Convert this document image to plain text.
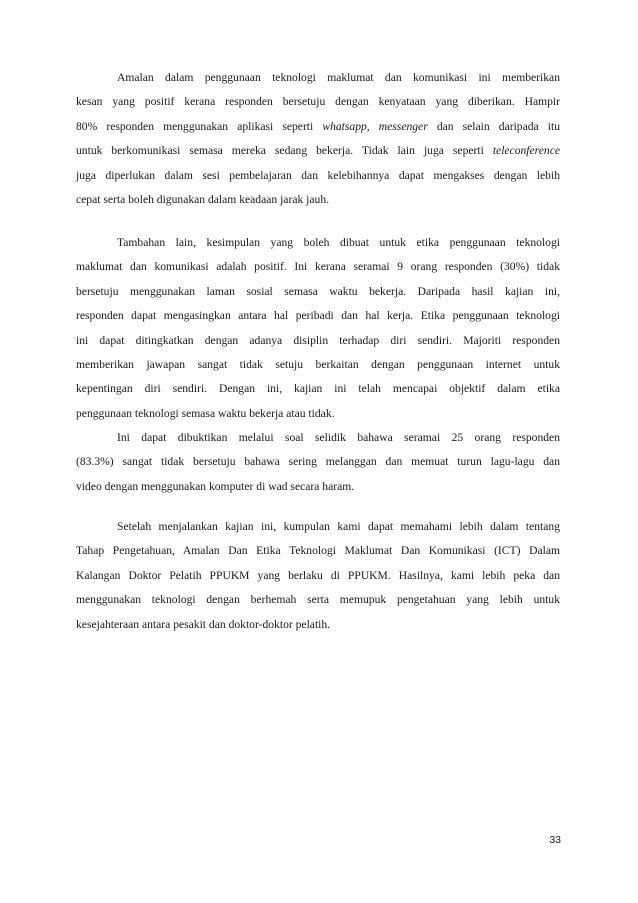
Amalan dalam penggunaan teknologi maklumat dan komunikasi ini memberikan
kesan yang positif kerana responden bersetuju dengan kenyataan yang diberikan. Hampir
80% responden menggunakan aplikasi seperti whatsapp, messenger dan selain daripada itu
untuk berkomunikasi semasa mereka sedang bekerja. Tidak lain juga seperti teleconference
juga diperlukan dalam sesi pembelajaran dan kelebihannya dapat mengakses dengan lebih
cepat serta boleh digunakan dalam keadaan jarak jauh.
Tambahan lain, kesimpulan yang boleh dibuat untuk etika penggunaan teknologi
maklumat dan komunikasi adalah positif. Ini kerana seramai 9 orang responden (30%) tidak
bersetuju menggunakan laman sosial semasa waktu bekerja. Daripada hasil kajian ini,
responden dapat mengasingkan antara hal peribadi dan hal kerja. Etika penggunaan teknologi
ini dapat ditingkatkan dengan adanya disiplin terhadap diri sendiri. Majoriti responden
memberikan jawapan sangat tidak setuju berkaitan dengan penggunaan internet untuk
kepentingan diri sendiri. Dengan ini, kajian ini telah mencapai objektif dalam etika
penggunaan teknologi semasa waktu bekerja atau tidak.
Ini dapat dibuktikan melalui soal selidik bahawa seramai 25 orang responden
(83.3%) sangat tidak bersetuju bahawa sering melanggan dan memuat turun lagu-lagu dan
video dengan menggunakan komputer di wad secara haram.
Setelah menjalankan kajian ini, kumpulan kami dapat memahami lebih dalam tentang
Tahap Pengetahuan, Amalan Dan Etika Teknologi Maklumat Dan Komunikasi (ICT) Dalam
Kalangan Doktor Pelatih PPUKM yang berlaku di PPUKM. Hasilnya, kami lebih peka dan
menggunakan teknologi dengan berhemah serta memupuk pengetahuan yang lebih untuk
kesejahteraan antara pesakit dan doktor-doktor pelatih.
33
